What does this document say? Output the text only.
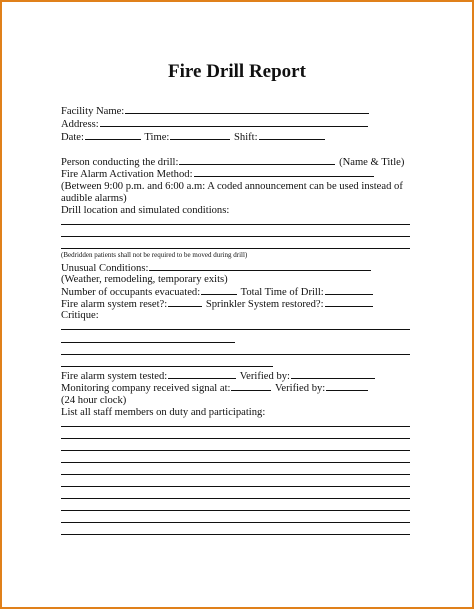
Fire Drill Report
Facility Name:
Address:
Date:	Time:	Shift:
Person conducting the drill:	(Name & Title)
Fire Alarm Activation Method:
(Between 9:00 p.m. and 6:00 a.m: A coded announcement can be used instead of
audible alarms)
Drill location and simulated conditions:
(Bedridden patients shall not be required to be moved during drill)
Unusual Conditions:
(Weather, remodeling, temporary exits)
Number of occupants evacuated:	Total Time of Drill:
Fire alarm system reset?:	Sprinkler System restored?:
Critique:
Fire alarm system tested:	Verified by:
Monitoring company received signal at:	Verified by:
(24 hour clock)
List all staff members on duty and participating:
